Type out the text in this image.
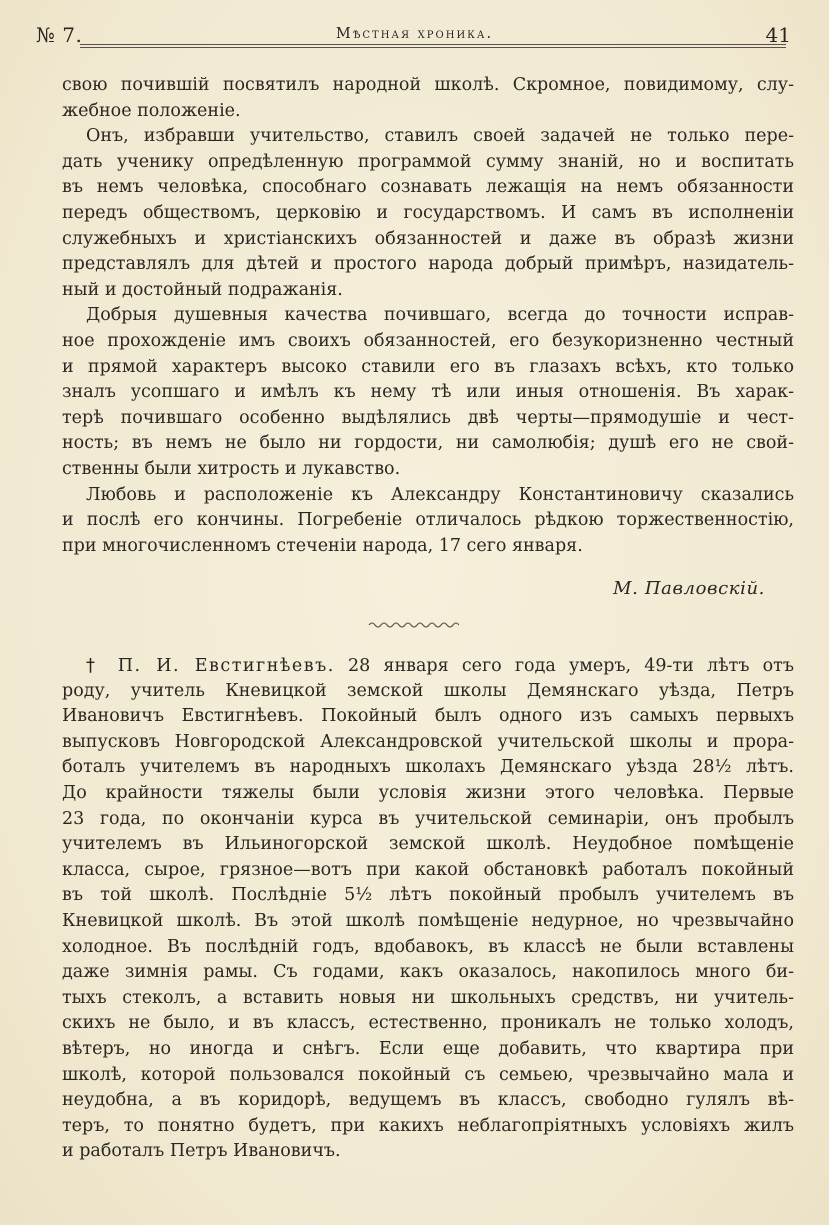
№ 7.	Мѣстная хроника.	41
свою почившій посвятилъ народной школѣ. Скромное, повидимому, слу-
жебное положеніе.
Онъ, избравши учительство, ставилъ своей задачей не только пере-
дать ученику опредѣленную программой сумму знаній, но и воспитать
въ немъ человѣка, способнаго сознавать лежащія на немъ обязанности
передъ обществомъ, церковію и государствомъ. И самъ въ исполненіи
служебныхъ и христіанскихъ обязанностей и даже въ образѣ жизни
представлялъ для дѣтей и простого народа добрый примѣръ, назидатель-
ный и достойный подражанія.
Добрыя душевныя качества почившаго, всегда до точности исправ-
ное прохожденіе имъ своихъ обязанностей, его безукоризненно честный
и прямой характеръ высоко ставили его въ глазахъ всѣхъ, кто только
зналъ усопшаго и имѣлъ къ нему тѣ или иныя отношенія. Въ харак-
терѣ почившаго особенно выдѣлялись двѣ черты—прямодушіе и чест-
ность; въ немъ не было ни гордости, ни самолюбія; душѣ его не свой-
ственны были хитрость и лукавство.
Любовь и расположеніе къ Александру Константиновичу сказались
и послѣ его кончины. Погребеніе отличалось рѣдкою торжественностію,
при многочисленномъ стеченіи народа, 17 сего января.
М. Павловскій.
† П. И. Евстигнѣевъ. 28 января сего года умеръ, 49-ти лѣтъ отъ
роду, учитель Кневицкой земской школы Демянскаго уѣзда, Петръ
Ивановичъ Евстигнѣевъ. Покойный былъ одного изъ самыхъ первыхъ
выпусковъ Новгородской Александровской учительской школы и прора-
боталъ учителемъ въ народныхъ школахъ Демянскаго уѣзда 28½ лѣтъ.
До крайности тяжелы были условія жизни этого человѣка. Первые
23 года, по окончаніи курса въ учительской семинаріи, онъ пробылъ
учителемъ въ Ильиногорской земской школѣ. Неудобное помѣщеніе
класса, сырое, грязное—вотъ при какой обстановкѣ работалъ покойный
въ той школѣ. Послѣдніе 5½ лѣтъ покойный пробылъ учителемъ въ
Кневицкой школѣ. Въ этой школѣ помѣщеніе недурное, но чрезвычайно
холодное. Въ послѣдній годъ, вдобавокъ, въ классѣ не были вставлены
даже зимнія рамы. Съ годами, какъ оказалось, накопилось много би-
тыхъ стеколъ, а вставить новыя ни школьныхъ средствъ, ни учитель-
скихъ не было, и въ классъ, естественно, проникалъ не только холодъ,
вѣтеръ, но иногда и снѣгъ. Если еще добавить, что квартира при
школѣ, которой пользовался покойный съ семьею, чрезвычайно мала и
неудобна, а въ коридорѣ, ведущемъ въ классъ, свободно гулялъ вѣ-
теръ, то понятно будетъ, при какихъ неблагопріятныхъ условіяхъ жилъ
и работалъ Петръ Ивановичъ.
